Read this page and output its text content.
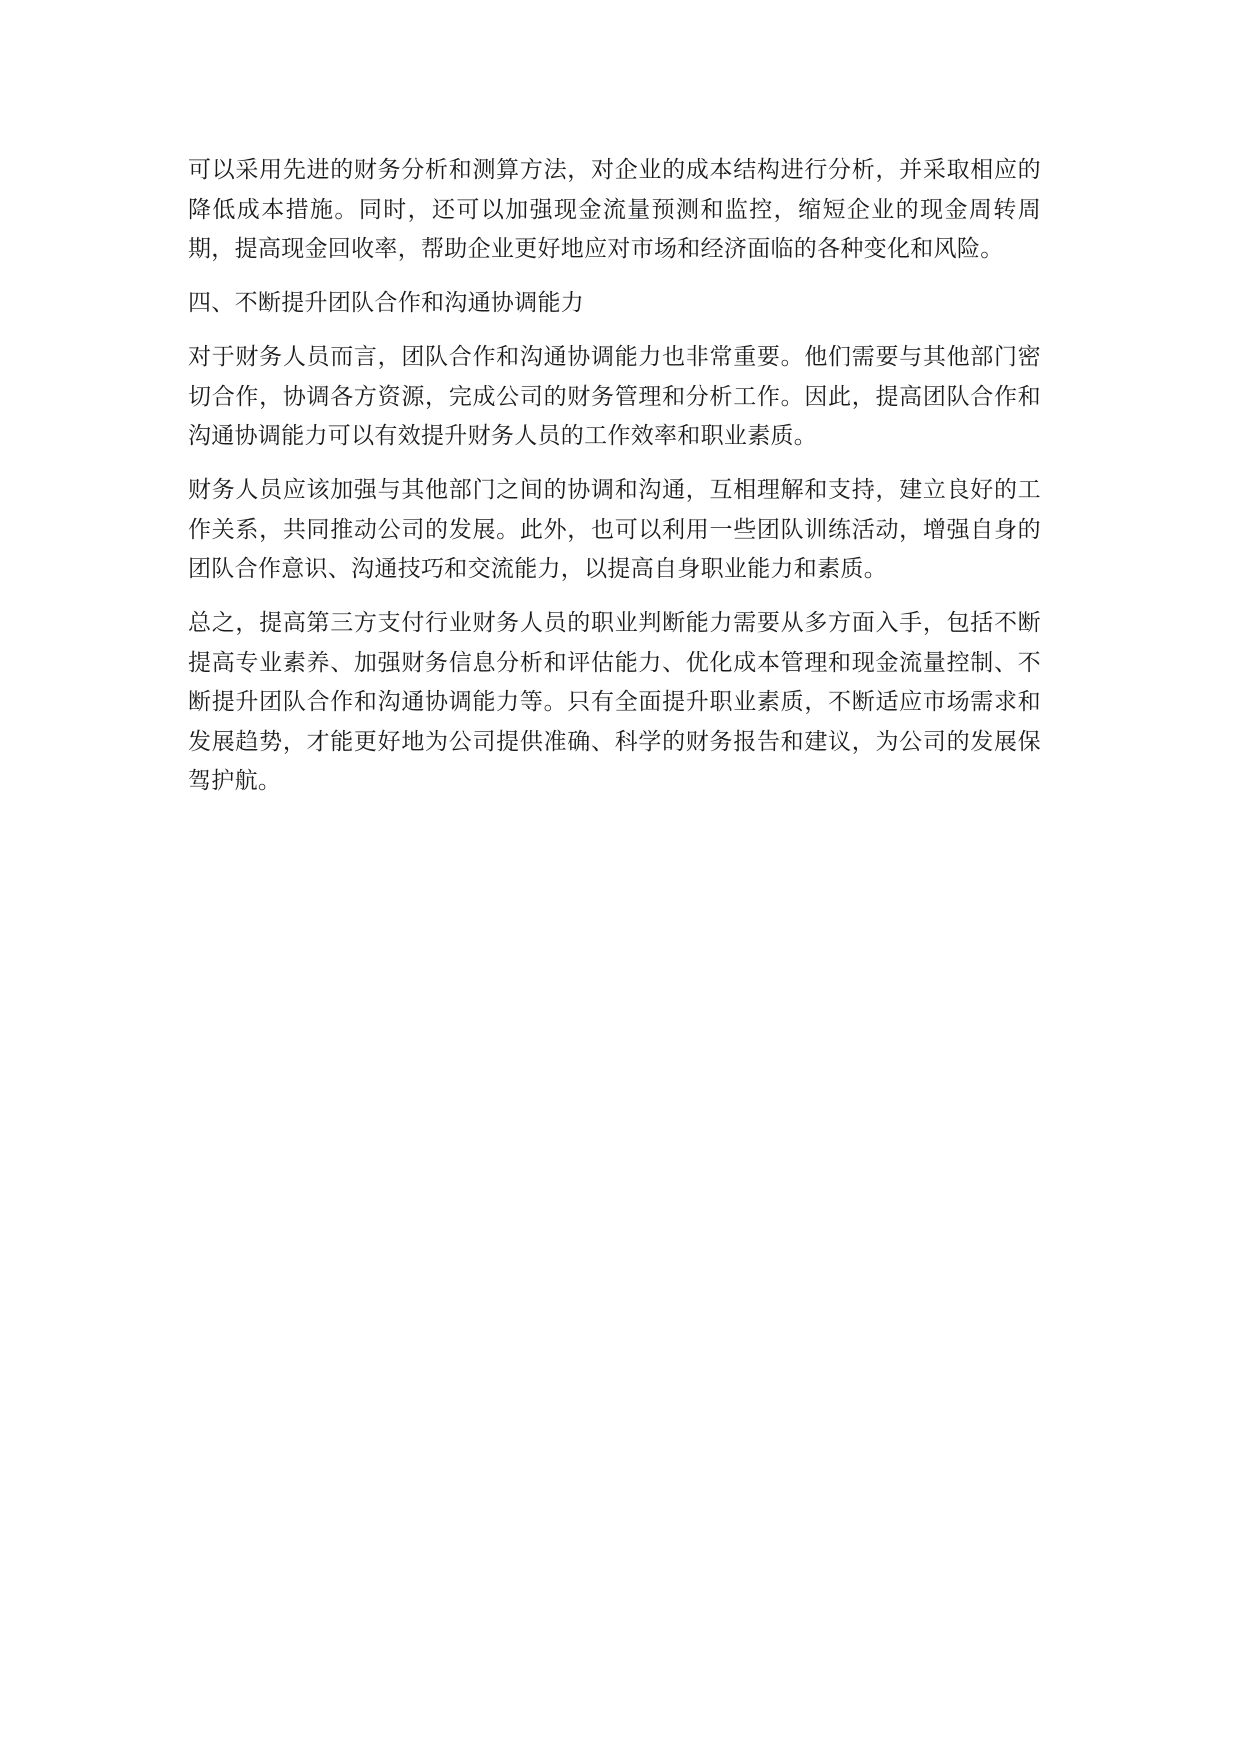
可以采用先进的财务分析和测算方法，对企业的成本结构进行分析，并采取相应的降低成本措施。同时，还可以加强现金流量预测和监控，缩短企业的现金周转周期，提高现金回收率，帮助企业更好地应对市场和经济面临的各种变化和风险。

四、不断提升团队合作和沟通协调能力

对于财务人员而言，团队合作和沟通协调能力也非常重要。他们需要与其他部门密切合作，协调各方资源，完成公司的财务管理和分析工作。因此，提高团队合作和沟通协调能力可以有效提升财务人员的工作效率和职业素质。

财务人员应该加强与其他部门之间的协调和沟通，互相理解和支持，建立良好的工作关系，共同推动公司的发展。此外，也可以利用一些团队训练活动，增强自身的团队合作意识、沟通技巧和交流能力，以提高自身职业能力和素质。

总之，提高第三方支付行业财务人员的职业判断能力需要从多方面入手，包括不断提高专业素养、加强财务信息分析和评估能力、优化成本管理和现金流量控制、不断提升团队合作和沟通协调能力等。只有全面提升职业素质，不断适应市场需求和发展趋势，才能更好地为公司提供准确、科学的财务报告和建议，为公司的发展保驾护航。
